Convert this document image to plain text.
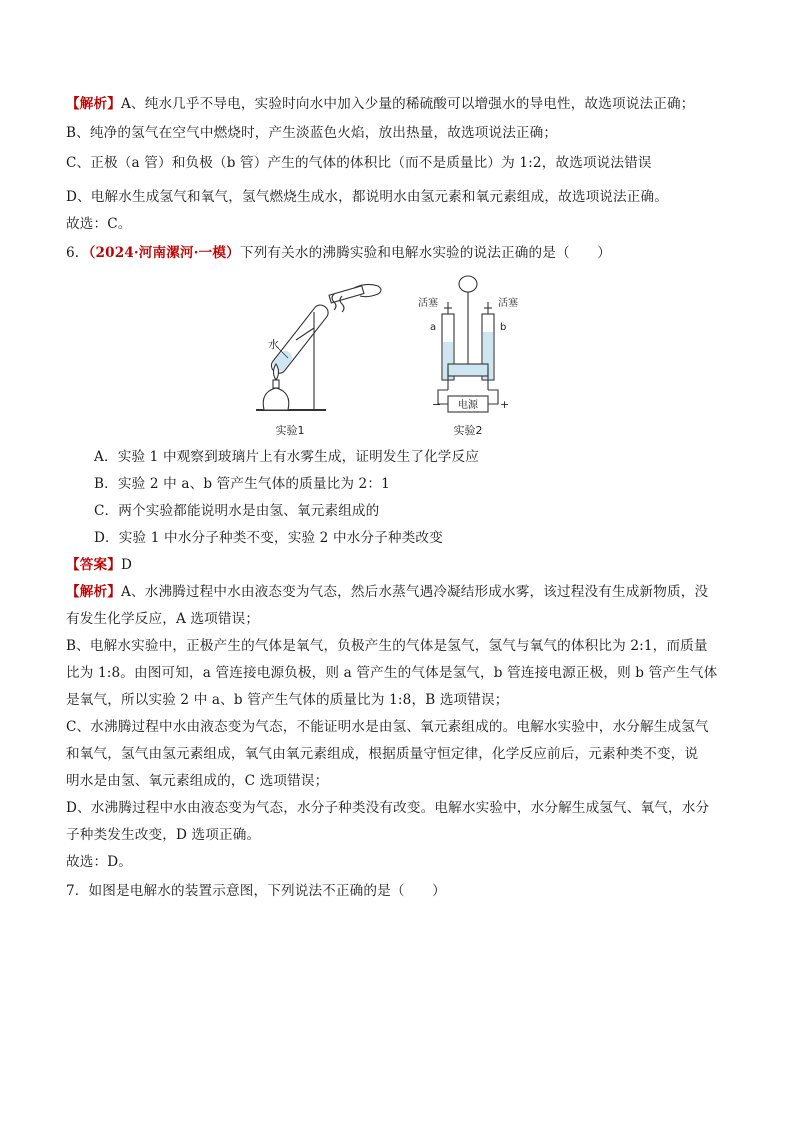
【解析】A、纯水几乎不导电，实验时向水中加入少量的稀硫酸可以增强水的导电性，故选项说法正确；
B、纯净的氢气在空气中燃烧时，产生淡蓝色火焰，放出热量，故选项说法正确；
C、正极（a 管）和负极（b 管）产生的气体的体积比（而不是质量比）为 1:2，故选项说法错误
D、电解水生成氢气和氧气，氢气燃烧生成水，都说明水由氢元素和氧元素组成，故选项说法正确。
故选：C。
6．（2024·河南漯河·一模）下列有关水的沸腾实验和电解水实验的说法正确的是（　　）
水
实验1
活塞	活塞
a	b
电源
−	+
实验2
A．实验 1 中观察到玻璃片上有水雾生成，证明发生了化学反应
B．实验 2 中 a、b 管产生气体的质量比为 2：1
C．两个实验都能说明水是由氢、氧元素组成的
D．实验 1 中水分子种类不变，实验 2 中水分子种类改变
【答案】D
【解析】A、水沸腾过程中水由液态变为气态，然后水蒸气遇冷凝结形成水雾，该过程没有生成新物质，没
有发生化学反应，A 选项错误；
B、电解水实验中，正极产生的气体是氧气，负极产生的气体是氢气，氢气与氧气的体积比为 2:1，而质量
比为 1:8。由图可知，a 管连接电源负极，则 a 管产生的气体是氢气，b 管连接电源正极，则 b 管产生气体
是氧气，所以实验 2 中 a、b 管产生气体的质量比为 1:8，B 选项错误；
C、水沸腾过程中水由液态变为气态，不能证明水是由氢、氧元素组成的。电解水实验中，水分解生成氢气
和氧气，氢气由氢元素组成，氧气由氧元素组成，根据质量守恒定律，化学反应前后，元素种类不变，说
明水是由氢、氧元素组成的，C 选项错误；
D、水沸腾过程中水由液态变为气态，水分子种类没有改变。电解水实验中，水分解生成氢气、氧气，水分
子种类发生改变，D 选项正确。
故选：D。
7．如图是电解水的装置示意图，下列说法不正确的是（　　）
